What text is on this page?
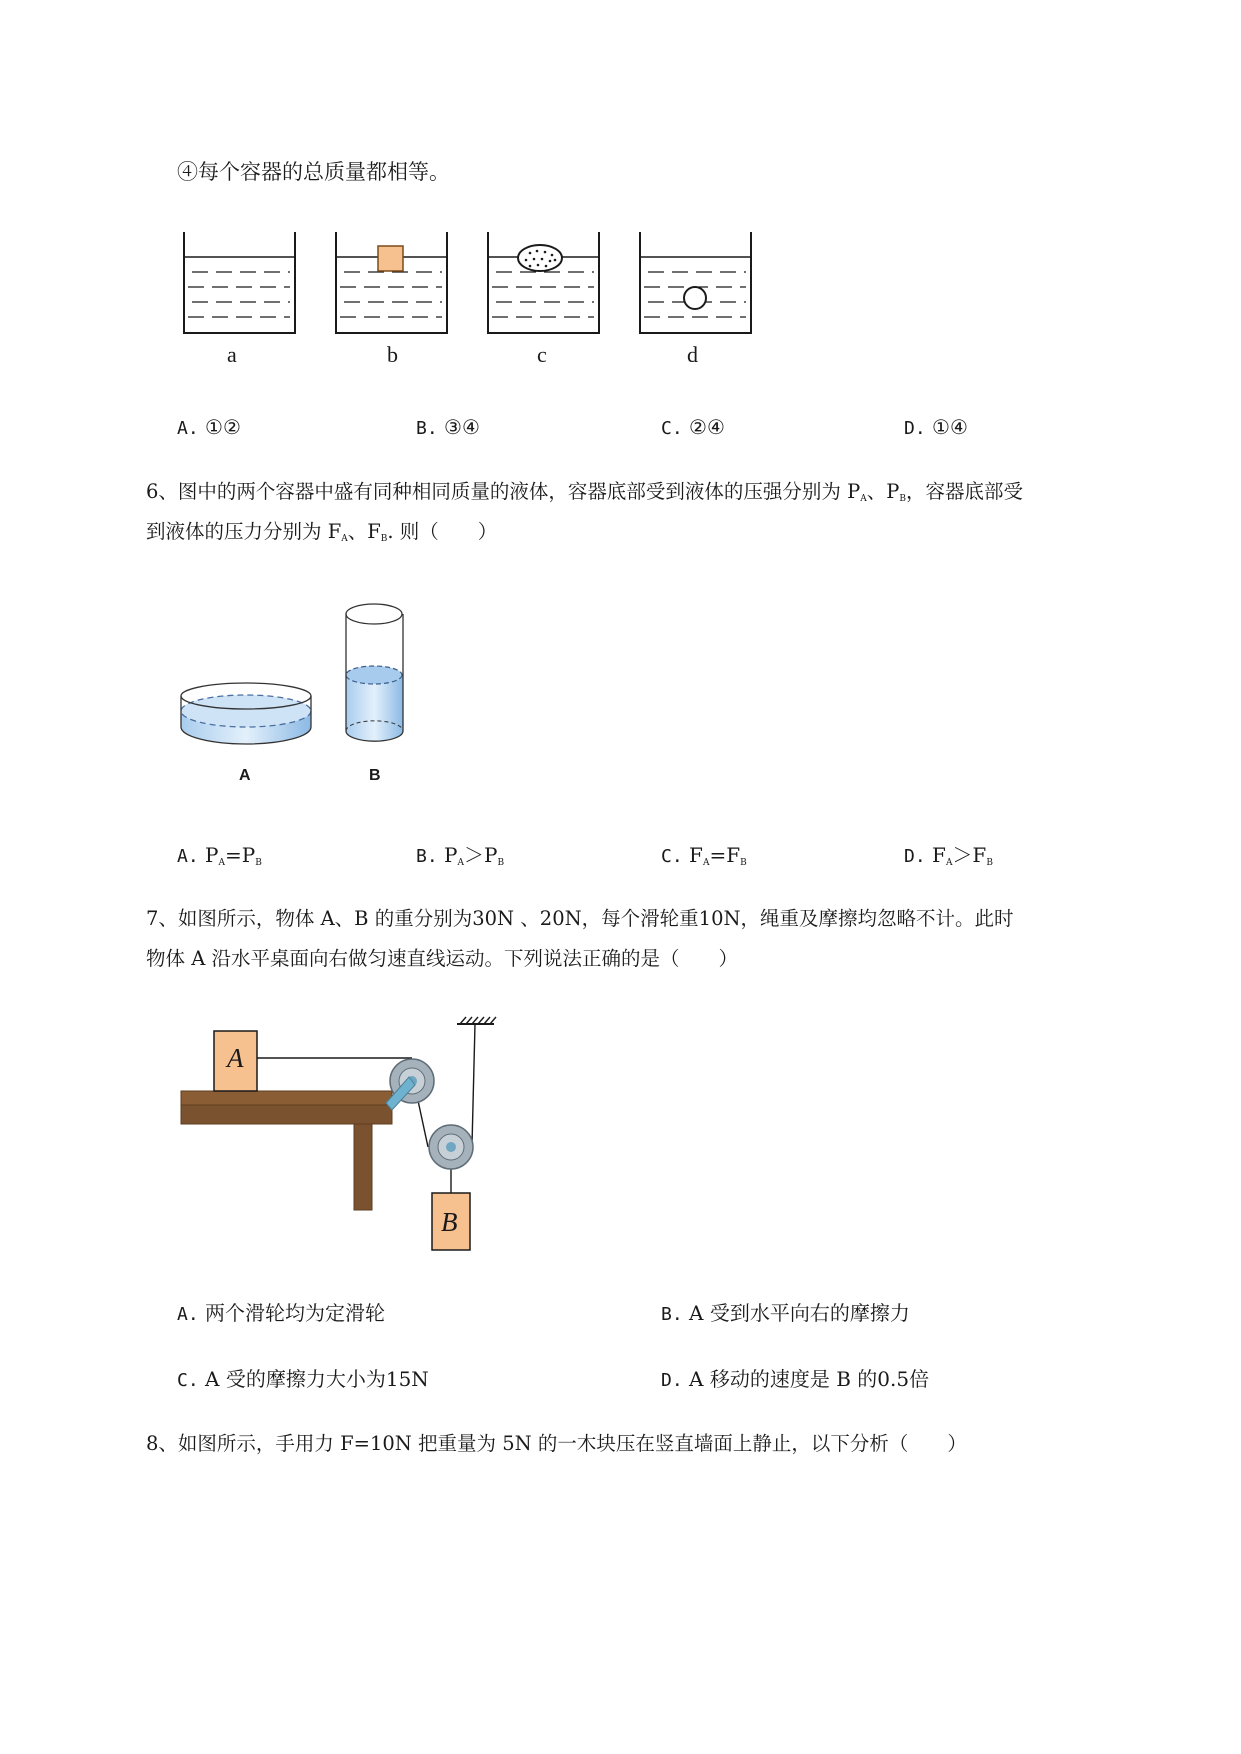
④每个容器的总质量都相等。
a	b	c	d
A. ①②	B. ③④	C. ②④	D. ①④
6、图中的两个容器中盛有同种相同质量的液体，容器底部受到液体的压强分别为 $P_A$、$P_B$，容器底部受
到液体的压力分别为 $F_A$、$F_B$. 则（　　）
A	B
A. $P_A=P_B$	B. $P_A>P_B$	C. $F_A=F_B$	D. $F_A>F_B$
7、如图所示，物体 A、B 的重分别为30N 、20N，每个滑轮重10N，绳重及摩擦均忽略不计。此时
物体 A 沿水平桌面向右做匀速直线运动。下列说法正确的是（　　）
A
B
A. 两个滑轮均为定滑轮	B. A 受到水平向右的摩擦力
C. A 受的摩擦力大小为15N	D. A 移动的速度是 B 的0.5倍
8、如图所示，手用力 F=10N 把重量为 5N 的一木块压在竖直墙面上静止，以下分析（　　）
